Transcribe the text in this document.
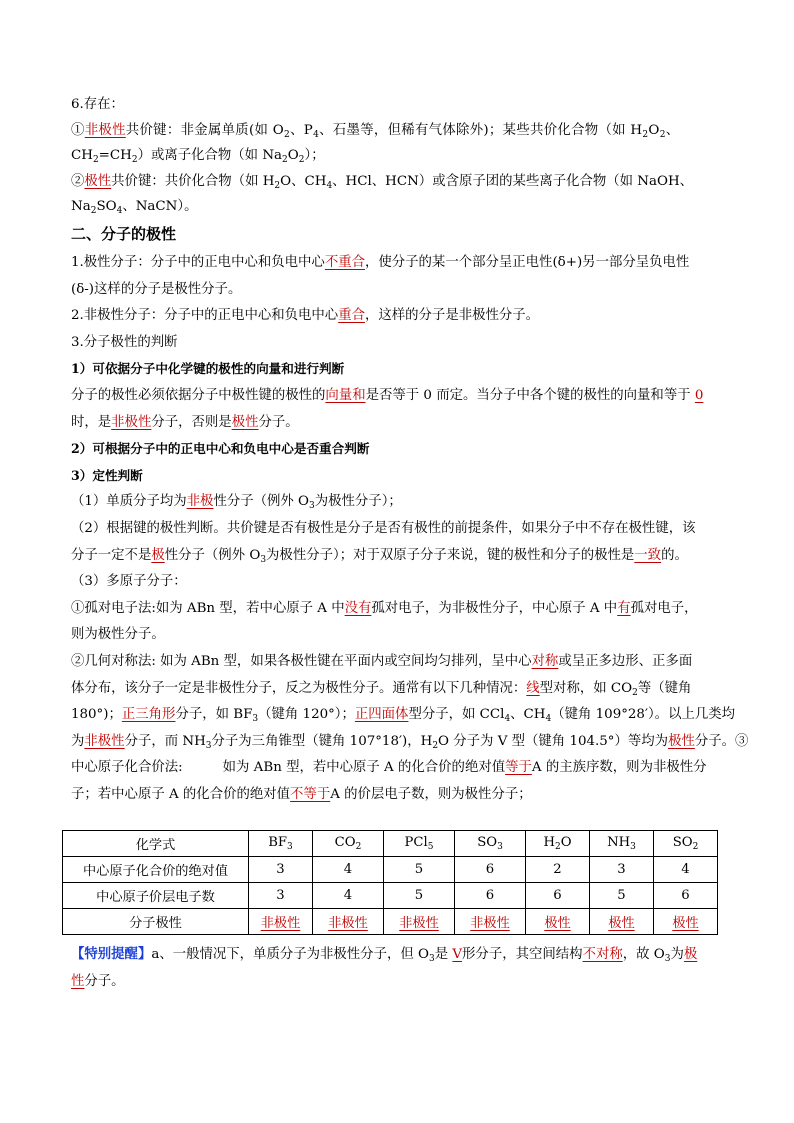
6.存在：
①非极性共价键：非金属单质(如 $O_2$、$P_4$、石墨等，但稀有气体除外)；某些共价化合物（如 $H_2O_2$、
$CH_2=CH_2$）或离子化合物（如 $Na_2O_2$）；
②极性共价键：共价化合物（如 $H_2O$、$CH_4$、HCl、HCN）或含原子团的某些离子化合物（如 NaOH、
$Na_2SO_4$、NaCN）。
二、分子的极性
1.极性分子：分子中的正电中心和负电中心不重合，使分子的某一个部分呈正电性(δ+)另一部分呈负电性
(δ-)这样的分子是极性分子。
2.非极性分子：分子中的正电中心和负电中心重合，这样的分子是非极性分子。
3.分子极性的判断
1）可依据分子中化学键的极性的向量和进行判断
分子的极性必须依据分子中极性键的极性的向量和是否等于 0 而定。当分子中各个键的极性的向量和等于 0
时，是非极性分子，否则是极性分子。
2）可根据分子中的正电中心和负电中心是否重合判断
3）定性判断
（1）单质分子均为非极性分子（例外 $O_3$为极性分子）；
（2）根据键的极性判断。共价键是否有极性是分子是否有极性的前提条件，如果分子中不存在极性键，该
分子一定不是极性分子（例外 $O_3$为极性分子）；对于双原子分子来说，键的极性和分子的极性是一致的。
（3）多原子分子：
①孤对电子法:如为 ABn 型，若中心原子 A 中没有孤对电子，为非极性分子，中心原子 A 中有孤对电子，
则为极性分子。
②几何对称法: 如为 ABn 型，如果各极性键在平面内或空间均匀排列，呈中心对称或呈正多边形、正多面
体分布，该分子一定是非极性分子，反之为极性分子。通常有以下几种情况：线型对称，如 $CO_2$等（键角
180°)；正三角形分子，如 $BF_3$（键角 120°）；正四面体型分子，如 CCl$_4$、$CH_4$（键角 109°28′）。以上几类均
为非极性分子，而 $NH_3$分子为三角锥型（键角 107°18′)，$H_2O$ 分子为 V 型（键角 104.5°）等均为极性分子。③
中心原子化合价法:	如为 ABn 型，若中心原子 A 的化合价的绝对值等于A 的主族序数，则为非极性分
子；若中心原子 A 的化合价的绝对值不等于A 的价层电子数，则为极性分子；
化学式	$BF_3$	$CO_2$	PCl$_5$	$SO_3$	$H_2O$	$NH_3$	$SO_2$
中心原子化合价的绝对值	3	4	5	6	2	3	4
中心原子价层电子数	3	4	5	6	6	5	6
分子极性	非极性	非极性	非极性	非极性	极性	极性	极性
【特别提醒】a、一般情况下，单质分子为非极性分子，但 $O_3$是 V形分子，其空间结构不对称，故 $O_3$为极
性分子。
